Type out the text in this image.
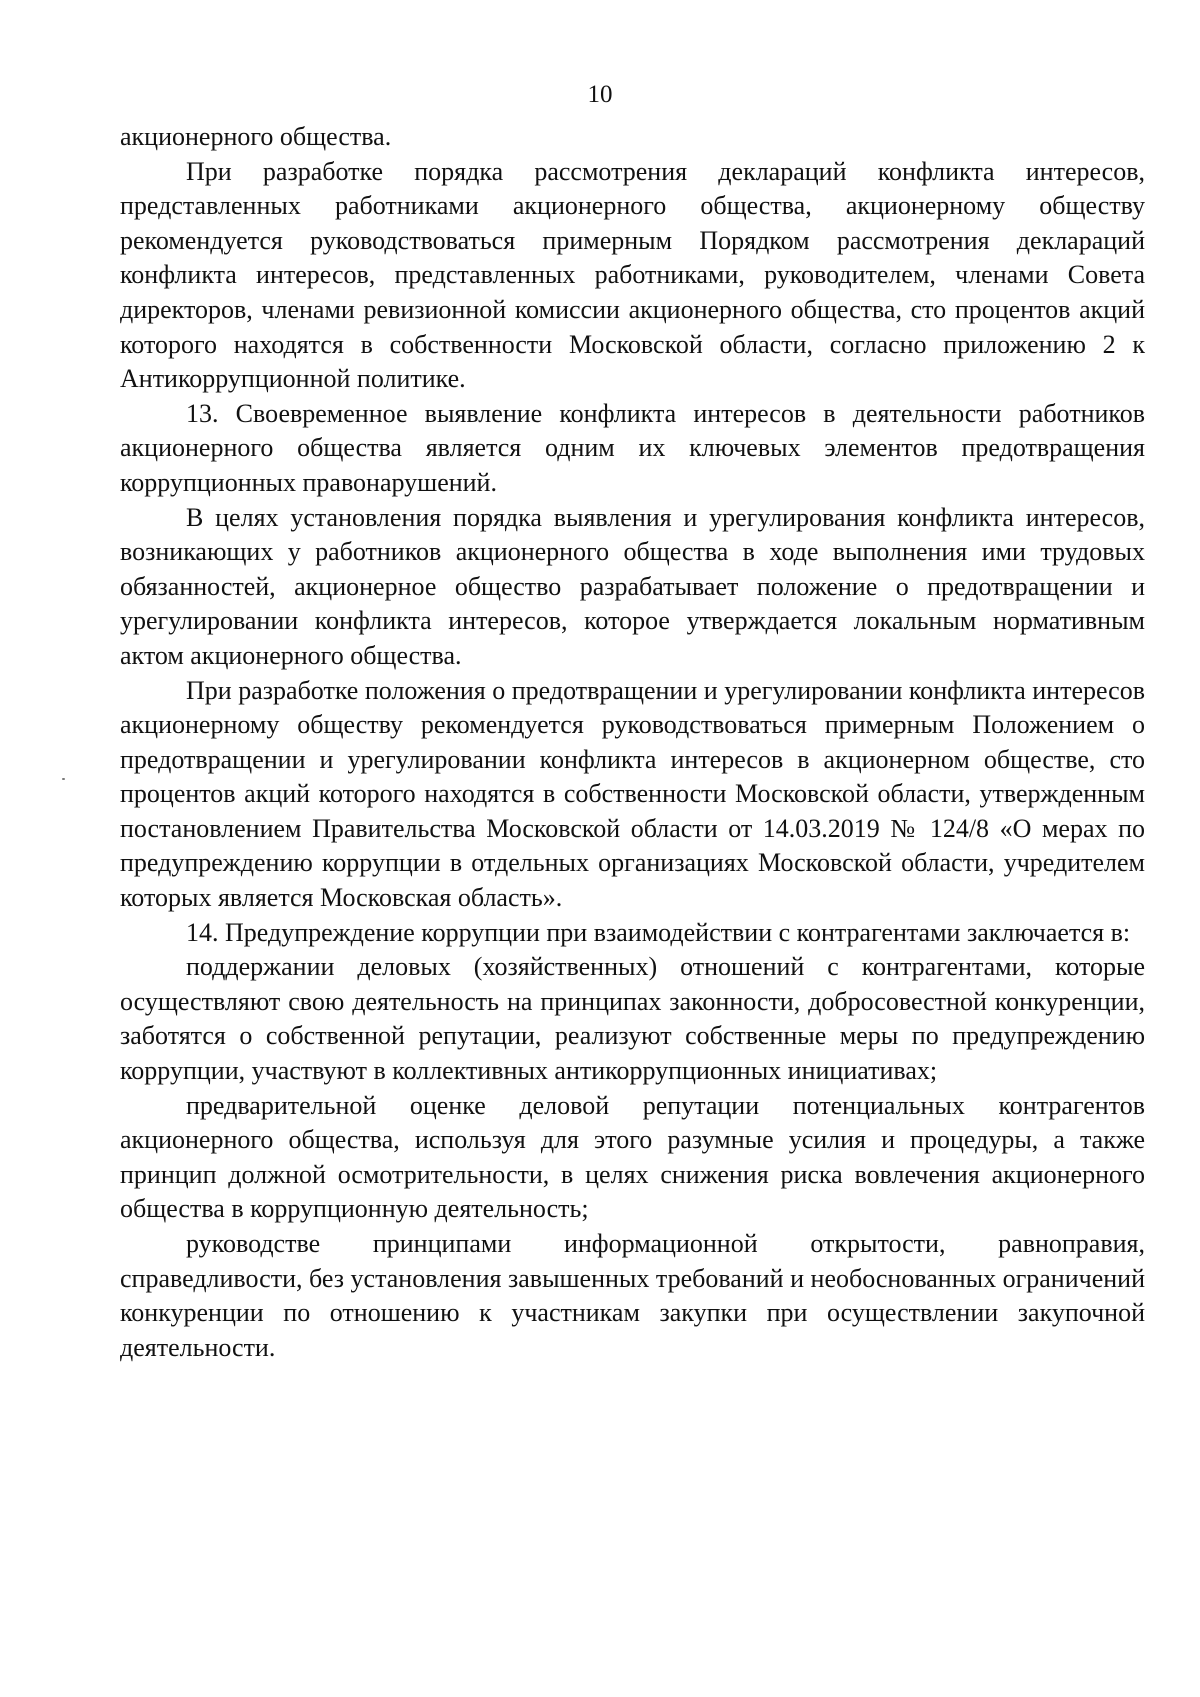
10

акционерного общества.

При разработке порядка рассмотрения деклараций конфликта интересов, представленных работниками акционерного общества, акционерному обществу рекомендуется руководствоваться примерным Порядком рассмотрения деклараций конфликта интересов, представленных работниками, руководителем, членами Совета директоров, членами ревизионной комиссии акционерного общества, сто процентов акций которого находятся в собственности Московской области, согласно приложению 2 к Антикоррупционной политике.

13. Своевременное выявление конфликта интересов в деятельности работников акционерного общества является одним их ключевых элементов предотвращения коррупционных правонарушений.

В целях установления порядка выявления и урегулирования конфликта интересов, возникающих у работников акционерного общества в ходе выполнения ими трудовых обязанностей, акционерное общество разрабатывает положение о предотвращении и урегулировании конфликта интересов, которое утверждается локальным нормативным актом акционерного общества.

При разработке положения о предотвращении и урегулировании конфликта интересов акционерному обществу рекомендуется руководствоваться примерным Положением о предотвращении и урегулировании конфликта интересов в акционерном обществе, сто процентов акций которого находятся в собственности Московской области, утвержденным постановлением Правительства Московской области от 14.03.2019 № 124/8 «О мерах по предупреждению коррупции в отдельных организациях Московской области, учредителем которых является Московская область».

14. Предупреждение коррупции при взаимодействии с контрагентами заключается в:

поддержании деловых (хозяйственных) отношений с контрагентами, которые осуществляют свою деятельность на принципах законности, добросовестной конкуренции, заботятся о собственной репутации, реализуют собственные меры по предупреждению коррупции, участвуют в коллективных антикоррупционных инициативах;

предварительной оценке деловой репутации потенциальных контрагентов акционерного общества, используя для этого разумные усилия и процедуры, а также принцип должной осмотрительности, в целях снижения риска вовлечения акционерного общества в коррупционную деятельность;

руководстве принципами информационной открытости, равноправия, справедливости, без установления завышенных требований и необоснованных ограничений конкуренции по отношению к участникам закупки при осуществлении закупочной деятельности.
